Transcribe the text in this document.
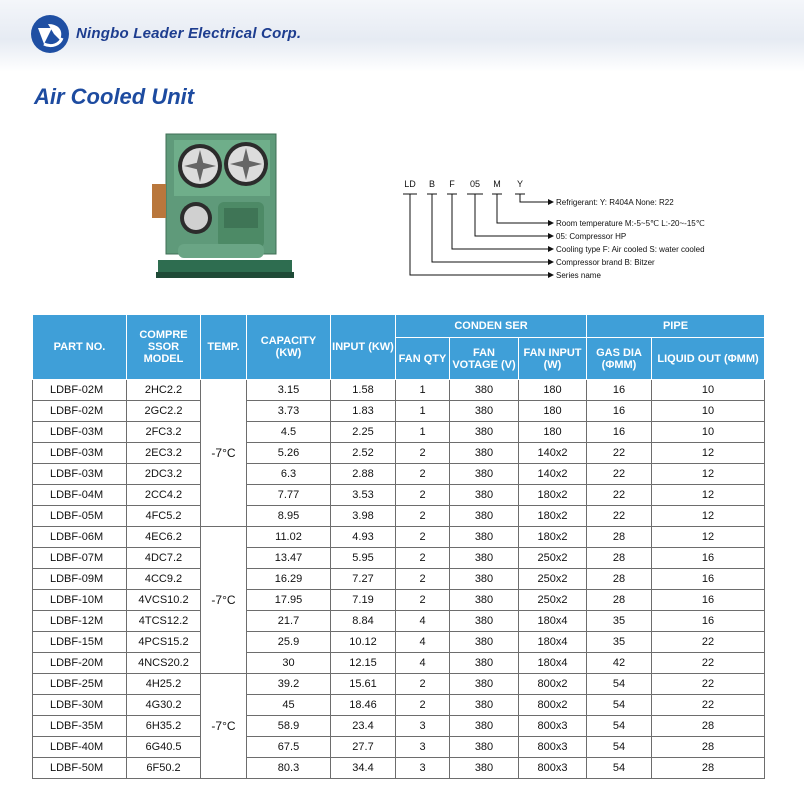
Ningbo Leader Electrical Corp.
Air Cooled Unit
LD B F 05 M Y
Refrigerant: Y: R404A None: R22
Room temperature M:-5~5℃ L:-20~-15℃
05: Compressor HP
Cooling type F: Air cooled S: water cooled
Compressor brand B: Bitzer
Series name
PART NO.	COMPRE SSOR MODEL	TEMP.	CAPACITY (KW)	INPUT (KW)	CONDEN SER			PIPE	
					FAN QTY	FAN VOTAGE (V)	FAN INPUT (W)	GAS DIA (ΦMM)	LIQUID OUT (ΦMM)
LDBF-02M	2HC2.2	-7°C	3.15	1.58	1	380	180	16	10
LDBF-02M	2GC2.2		3.73	1.83	1	380	180	16	10
LDBF-03M	2FC3.2		4.5	2.25	1	380	180	16	10
LDBF-03M	2EC3.2		5.26	2.52	2	380	140x2	22	12
LDBF-03M	2DC3.2		6.3	2.88	2	380	140x2	22	12
LDBF-04M	2CC4.2		7.77	3.53	2	380	180x2	22	12
LDBF-05M	4FC5.2		8.95	3.98	2	380	180x2	22	12
LDBF-06M	4EC6.2	-7°C	11.02	4.93	2	380	180x2	28	12
LDBF-07M	4DC7.2		13.47	5.95	2	380	250x2	28	16
LDBF-09M	4CC9.2		16.29	7.27	2	380	250x2	28	16
LDBF-10M	4VCS10.2		17.95	7.19	2	380	250x2	28	16
LDBF-12M	4TCS12.2		21.7	8.84	4	380	180x4	35	16
LDBF-15M	4PCS15.2		25.9	10.12	4	380	180x4	35	22
LDBF-20M	4NCS20.2		30	12.15	4	380	180x4	42	22
LDBF-25M	4H25.2	-7°C	39.2	15.61	2	380	800x2	54	22
LDBF-30M	4G30.2		45	18.46	2	380	800x2	54	22
LDBF-35M	6H35.2		58.9	23.4	3	380	800x3	54	28
LDBF-40M	6G40.5		67.5	27.7	3	380	800x3	54	28
LDBF-50M	6F50.2		80.3	34.4	3	380	800x3	54	28
